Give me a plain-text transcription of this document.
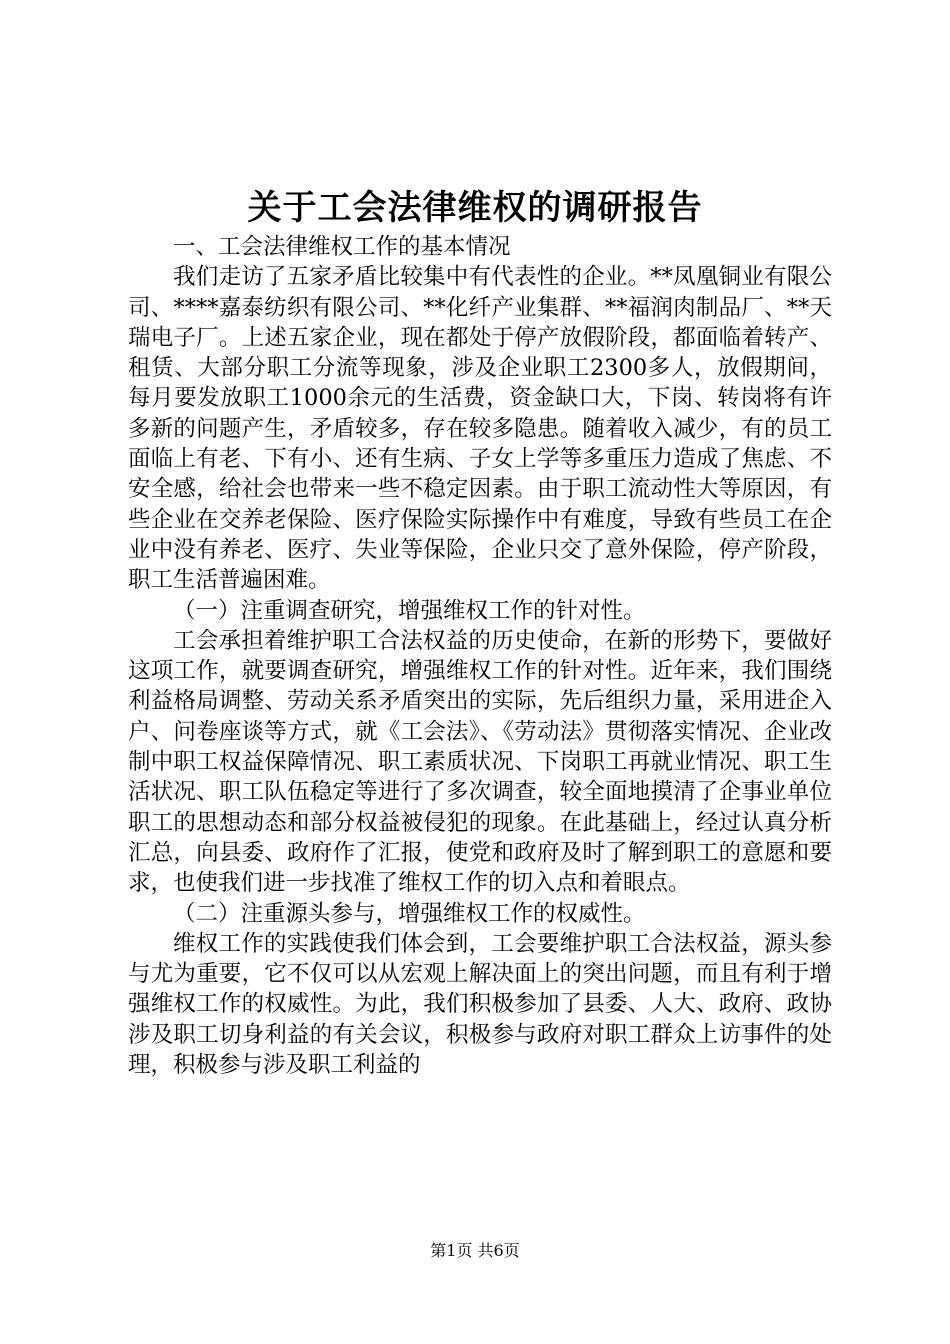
关于工会法律维权的调研报告

一、工会法律维权工作的基本情况

我们走访了五家矛盾比较集中有代表性的企业。**凤凰铜业有限公司、****嘉泰纺织有限公司、**化纤产业集群、**福润肉制品厂、**天瑞电子厂。上述五家企业，现在都处于停产放假阶段，都面临着转产、租赁、大部分职工分流等现象，涉及企业职工2300多人，放假期间，每月要发放职工1000余元的生活费，资金缺口大，下岗、转岗将有许多新的问题产生，矛盾较多，存在较多隐患。随着收入减少，有的员工面临上有老、下有小、还有生病、子女上学等多重压力造成了焦虑、不安全感，给社会也带来一些不稳定因素。由于职工流动性大等原因，有些企业在交养老保险、医疗保险实际操作中有难度，导致有些员工在企业中没有养老、医疗、失业等保险，企业只交了意外保险，停产阶段，职工生活普遍困难。

（一）注重调查研究，增强维权工作的针对性。

工会承担着维护职工合法权益的历史使命，在新的形势下，要做好这项工作，就要调查研究，增强维权工作的针对性。近年来，我们围绕利益格局调整、劳动关系矛盾突出的实际，先后组织力量，采用进企入户、问卷座谈等方式，就《工会法》、《劳动法》贯彻落实情况、企业改制中职工权益保障情况、职工素质状况、下岗职工再就业情况、职工生活状况、职工队伍稳定等进行了多次调查，较全面地摸清了企事业单位职工的思想动态和部分权益被侵犯的现象。在此基础上，经过认真分析汇总，向县委、政府作了汇报，使党和政府及时了解到职工的意愿和要求，也使我们进一步找准了维权工作的切入点和着眼点。

（二）注重源头参与，增强维权工作的权威性。

维权工作的实践使我们体会到，工会要维护职工合法权益，源头参与尤为重要，它不仅可以从宏观上解决面上的突出问题，而且有利于增强维权工作的权威性。为此，我们积极参加了县委、人大、政府、政协涉及职工切身利益的有关会议，积极参与政府对职工群众上访事件的处理，积极参与涉及职工利益的

第1页 共6页
